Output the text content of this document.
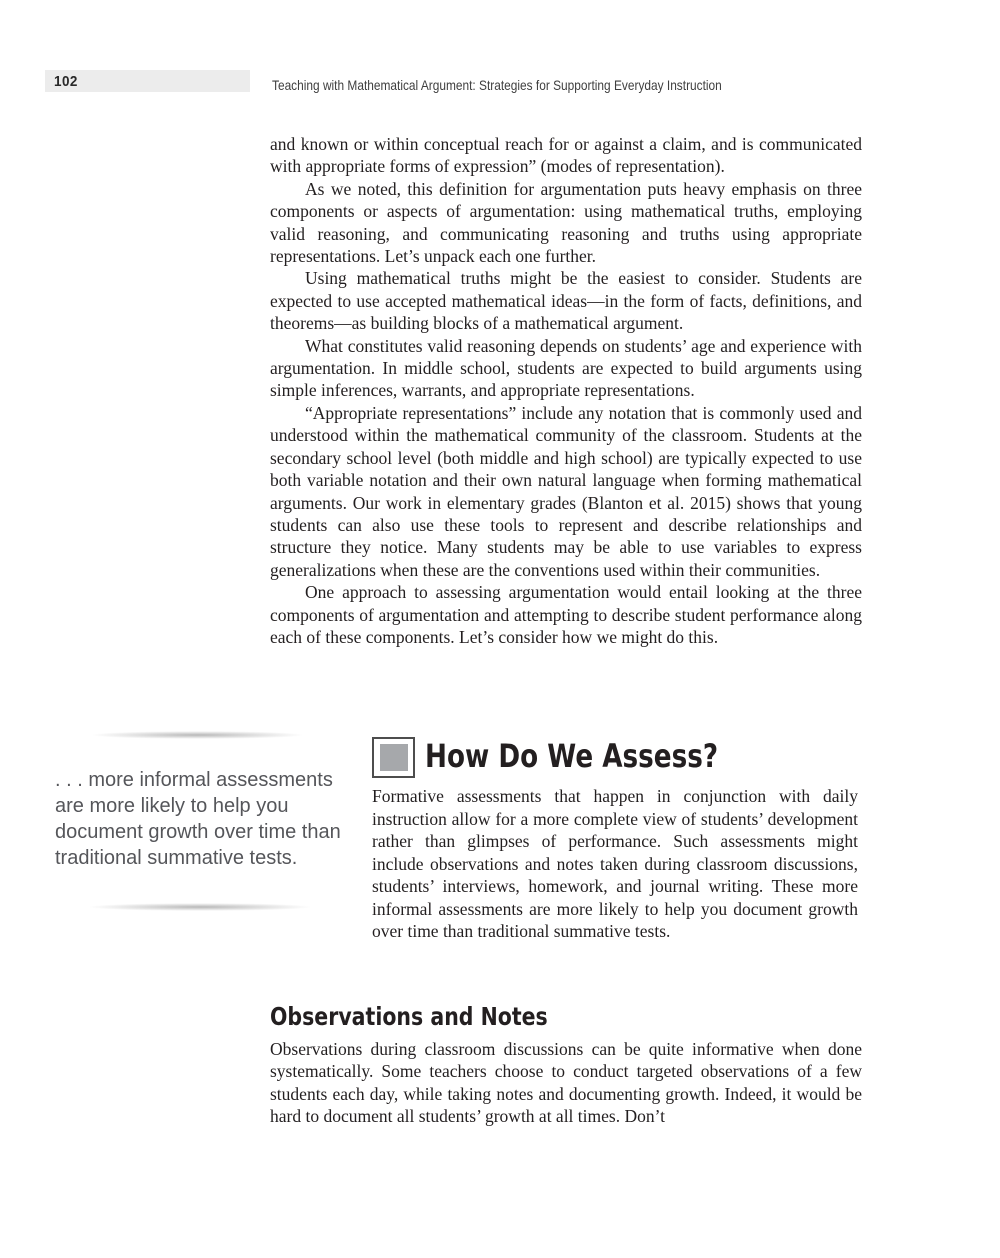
102	Teaching with Mathematical Argument: Strategies for Supporting Everyday Instruction

and known or within conceptual reach for or against a claim, and is communicated with appropriate forms of expression” (modes of representation).

As we noted, this definition for argumentation puts heavy emphasis on three components or aspects of argumentation: using mathematical truths, employing valid reasoning, and communicating reasoning and truths using appropriate representations. Let’s unpack each one further.

Using mathematical truths might be the easiest to consider. Students are expected to use accepted mathematical ideas—in the form of facts, definitions, and theorems—as building blocks of a mathematical argument.

What constitutes valid reasoning depends on students’ age and experience with argumentation. In middle school, students are expected to build arguments using simple inferences, warrants, and appropriate representations.

“Appropriate representations” include any notation that is commonly used and understood within the mathematical community of the classroom. Students at the secondary school level (both middle and high school) are typically expected to use both variable notation and their own natural language when forming mathematical arguments. Our work in elementary grades (Blanton et al. 2015) shows that young students can also use these tools to represent and describe relationships and structure they notice. Many students may be able to use variables to express generalizations when these are the conventions used within their communities.

One approach to assessing argumentation would entail looking at the three components of argumentation and attempting to describe student performance along each of these components. Let’s consider how we might do this.

. . . more informal assessments are more likely to help you document growth over time than traditional summative tests.
How Do We Assess?

Formative assessments that happen in conjunction with daily instruction allow for a more complete view of students’ development rather than glimpses of performance. Such assessments might include observations and notes taken during classroom discussions, students’ interviews, homework, and journal writing. These more informal assessments are more likely to help you document growth over time than traditional summative tests.

Observations and Notes

Observations during classroom discussions can be quite informative when done systematically. Some teachers choose to conduct targeted observations of a few students each day, while taking notes and documenting growth. Indeed, it would be hard to document all students’ growth at all times. Don’t
